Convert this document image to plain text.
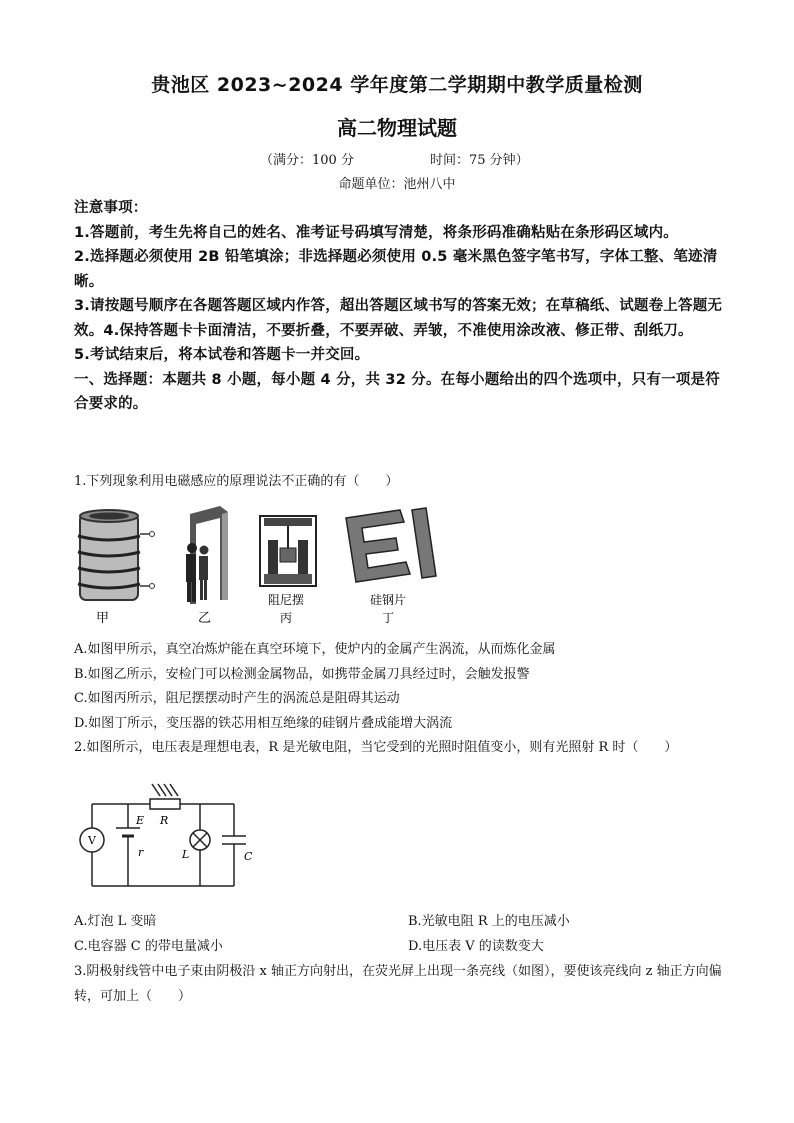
贵池区 2023~2024 学年度第二学期期中教学质量检测
高二物理试题
（满分：100 分	时间：75 分钟）
命题单位：池州八中
注意事项：
1.答题前，考生先将自己的姓名、准考证号码填写清楚，将条形码准确粘贴在条形码区域内。
2.选择题必须使用 2B 铅笔填涂；非选择题必须使用 0.5 毫米黑色签字笔书写，字体工整、笔迹清晰。
3.请按题号顺序在各题答题区域内作答，超出答题区域书写的答案无效；在草稿纸、试题卷上答题无效。4.保持答题卡卡面清洁，不要折叠，不要弄破、弄皱，不准使用涂改液、修正带、刮纸刀。
5.考试结束后，将本试卷和答题卡一并交回。
一、选择题：本题共 8 小题，每小题 4 分，共 32 分。在每小题给出的四个选项中，只有一项是符合要求的。
1.下列现象利用电磁感应的原理说法不正确的有（　　）
甲	乙
阻尼摆
丙
硅钢片
丁
A.如图甲所示，真空冶炼炉能在真空环境下，使炉内的金属产生涡流，从而炼化金属
B.如图乙所示，安检门可以检测金属物品，如携带金属刀具经过时，会触发报警
C.如图丙所示，阻尼摆摆动时产生的涡流总是阻碍其运动
D.如图丁所示，变压器的铁芯用相互绝缘的硅钢片叠成能增大涡流
2.如图所示，电压表是理想电表，R 是光敏电阻，当它受到的光照时阻值变小，则有光照射 R 时（　　）
V
E
r
R
L	C
A.灯泡 L 变暗	B.光敏电阻 R 上的电压减小
C.电容器 C 的带电量减小	D.电压表 V 的读数变大
3.阴极射线管中电子束由阴极沿 x 轴正方向射出，在荧光屏上出现一条亮线（如图），要使该亮线向 z 轴正方向偏转，可加上（　　）
